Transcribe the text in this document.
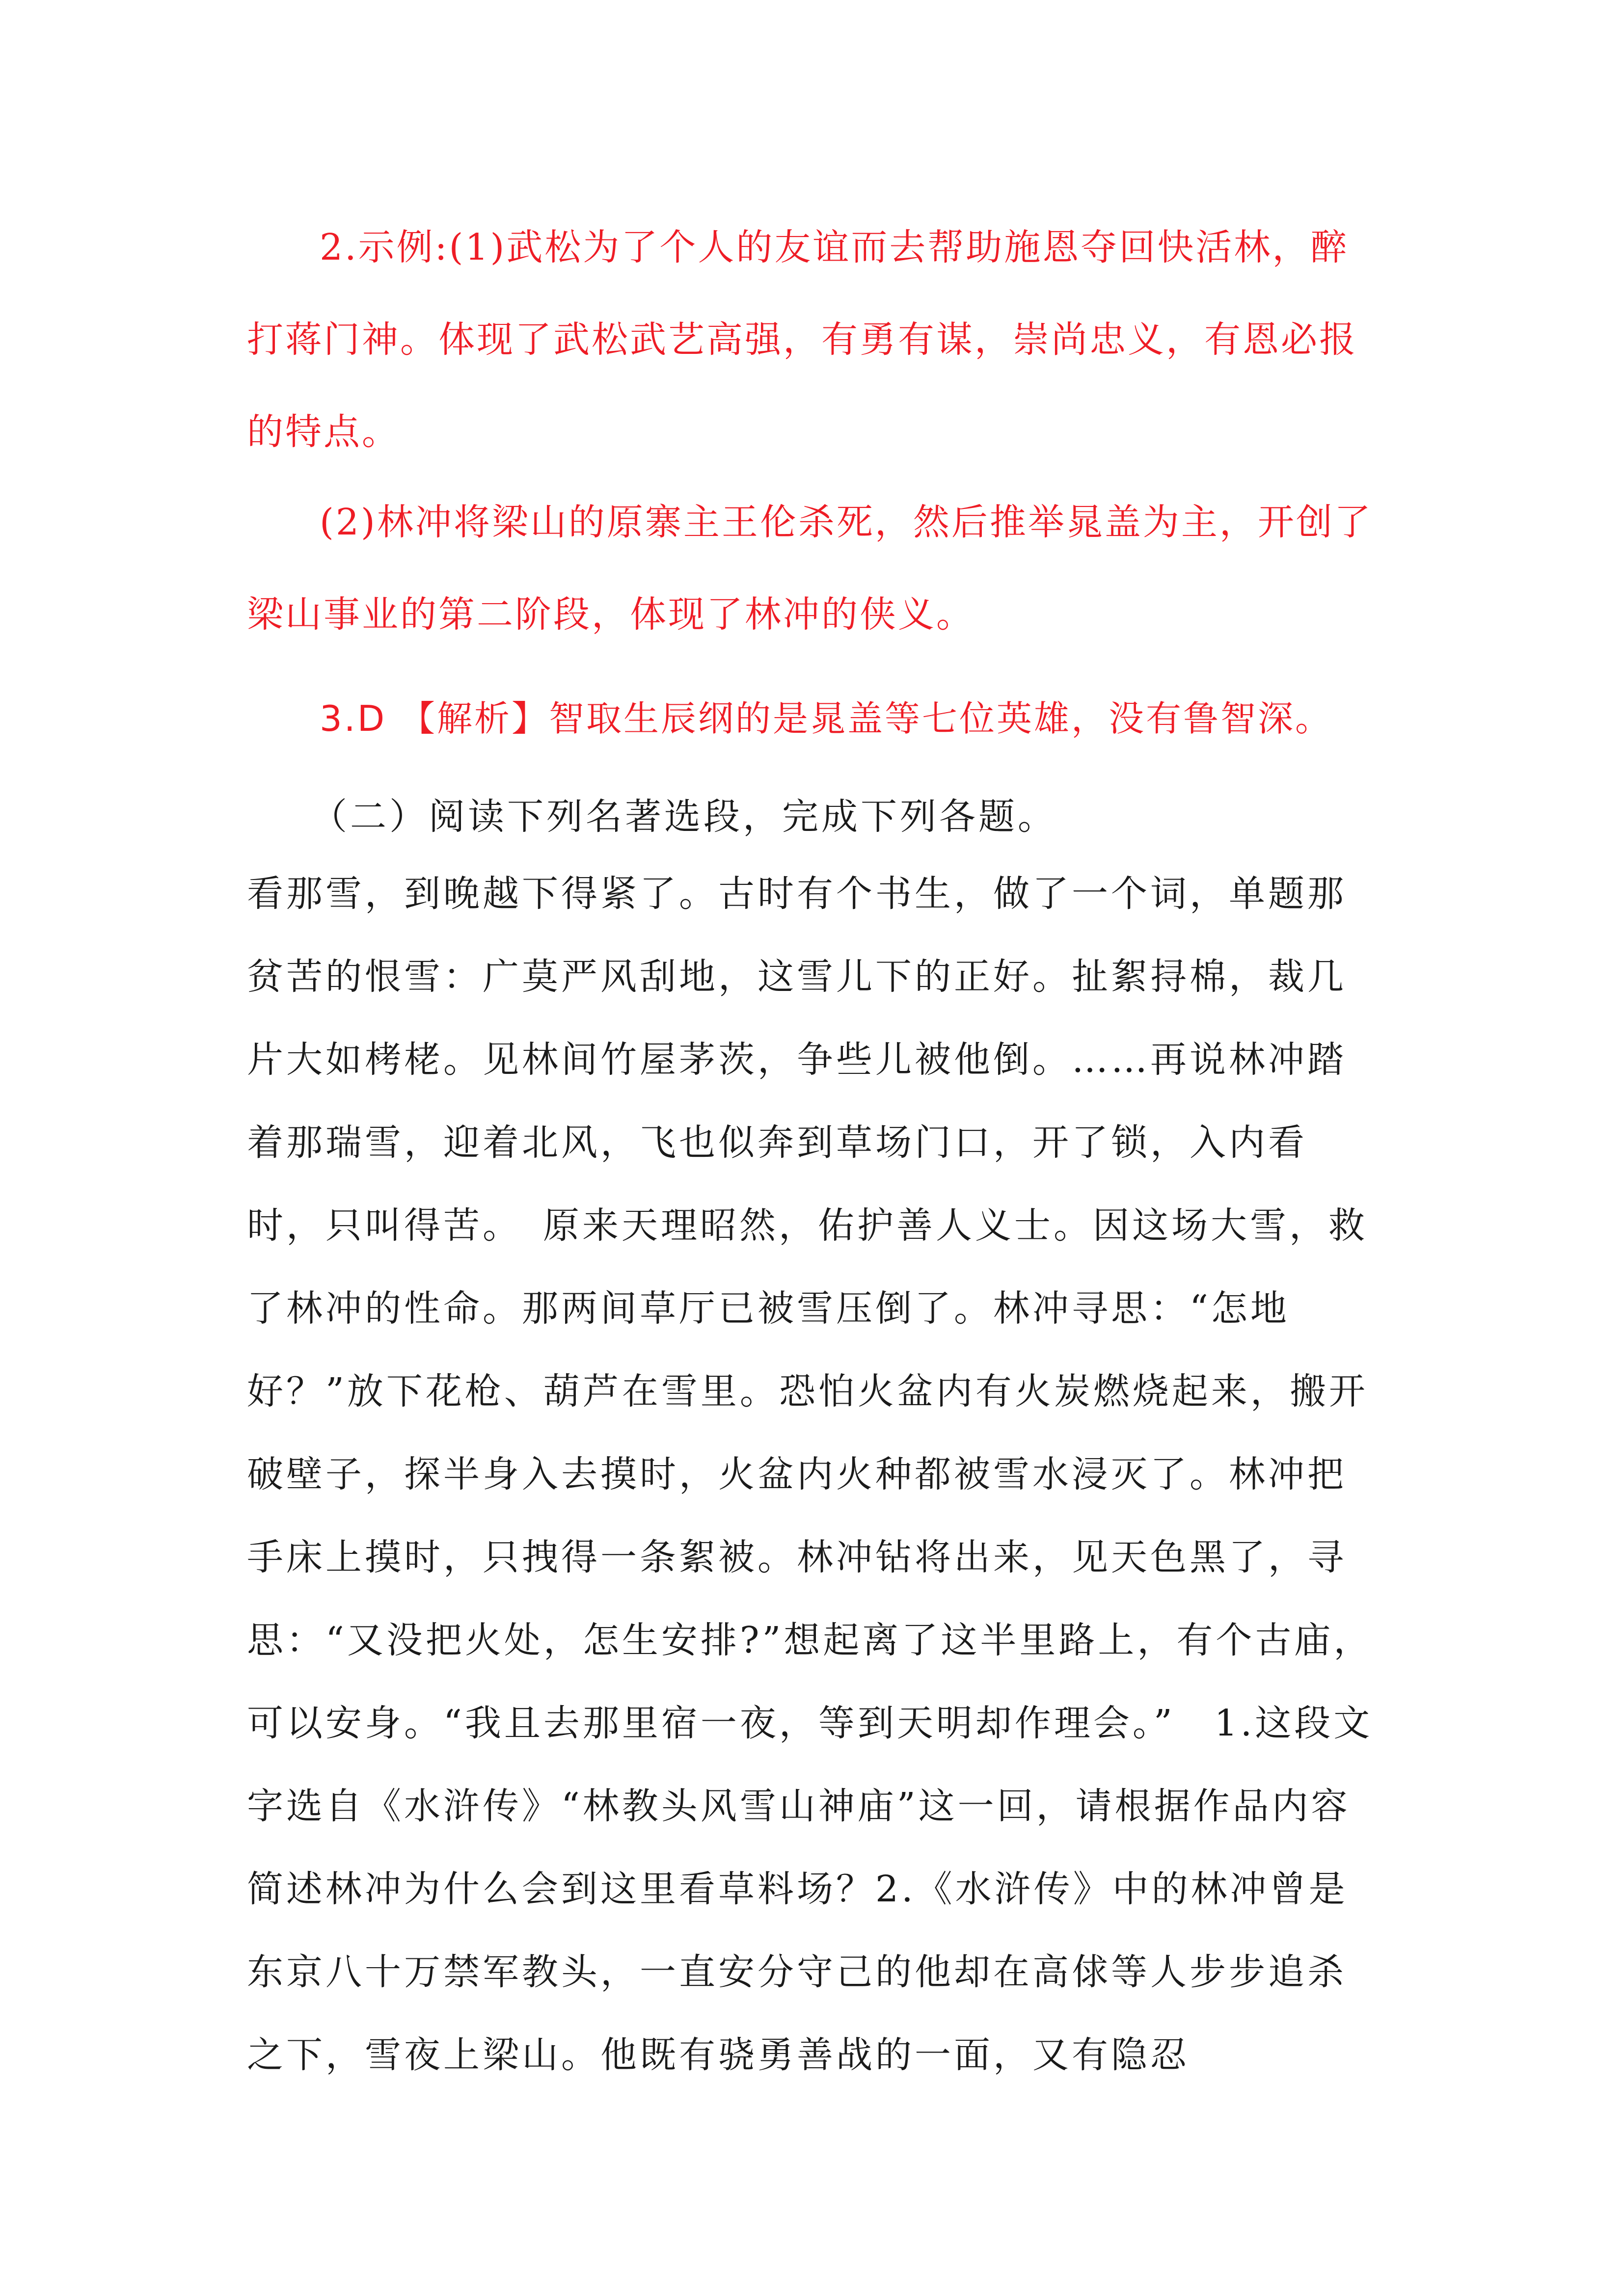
2.示例:(1)武松为了个人的友谊而去帮助施恩夺回快活林，醉打蒋门神。体现了武松武艺高强，有勇有谋，崇尚忠义，有恩必报的特点。

(2)林冲将梁山的原寨主王伦杀死，然后推举晁盖为主，开创了梁山事业的第二阶段，体现了林冲的侠义。

3.D 【解析】智取生辰纲的是晁盖等七位英雄，没有鲁智深。

（二）阅读下列名著选段，完成下列各题。

看那雪，到晚越下得紧了。古时有个书生，做了一个词，单题那贫苦的恨雪：广莫严风刮地，这雪儿下的正好。扯絮挦棉，裁几片大如栲栳。见林间竹屋茅茨，争些儿被他倒。……再说林冲踏着那瑞雪，迎着北风，飞也似奔到草场门口，开了锁，入内看时，只叫得苦。　原来天理昭然，佑护善人义士。因这场大雪，救了林冲的性命。那两间草厅已被雪压倒了。林冲寻思：“怎地好？”放下花枪、葫芦在雪里。恐怕火盆内有火炭燃烧起来，搬开破壁子，探半身入去摸时，火盆内火种都被雪水浸灭了。林冲把手床上摸时，只拽得一条絮被。林冲钻将出来，见天色黑了，寻思：“又没把火处，怎生安排?”想起离了这半里路上，有个古庙，可以安身。“我且去那里宿一夜，等到天明却作理会。”　1.这段文字选自《水浒传》“林教头风雪山神庙”这一回，请根据作品内容简述林冲为什么会到这里看草料场？2.《水浒传》中的林冲曾是东京八十万禁军教头，一直安分守己的他却在高俅等人步步追杀之下，雪夜上梁山。他既有骁勇善战的一面，又有隐忍
